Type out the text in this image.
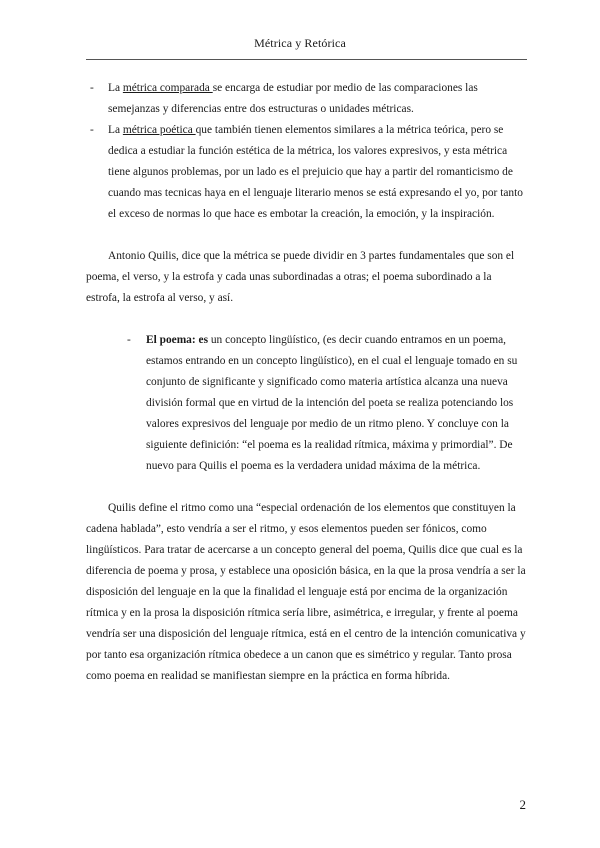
Métrica y Retórica

- La métrica comparada se encarga de estudiar por medio de las comparaciones las semejanzas y diferencias entre dos estructuras o unidades métricas.

- La métrica poética que también tienen elementos similares a la métrica teórica, pero se dedica a estudiar la función estética de la métrica, los valores expresivos, y esta métrica tiene algunos problemas, por un lado es el prejuicio que hay a partir del romanticismo de cuando mas tecnicas haya en el lenguaje literario menos se está expresando el yo, por tanto el exceso de normas lo que hace es embotar la creación, la emoción, y la inspiración.

Antonio Quilis, dice que la métrica se puede dividir en 3 partes fundamentales que son el poema, el verso, y la estrofa y cada unas subordinadas a otras; el poema subordinado a la estrofa, la estrofa al verso, y así.

- El poema: es un concepto lingüístico, (es decir cuando entramos en un poema, estamos entrando en un concepto lingüístico), en el cual el lenguaje tomado en su conjunto de significante y significado como materia artística alcanza una nueva división formal que en virtud de la intención del poeta se realiza potenciando los valores expresivos del lenguaje por medio de un ritmo pleno. Y concluye con la siguiente definición: “el poema es la realidad rítmica, máxima y primordial”. De nuevo para Quilis el poema es la verdadera unidad máxima de la métrica.

Quilis define el ritmo como una “especial ordenación de los elementos que constituyen la cadena hablada”, esto vendría a ser el ritmo, y esos elementos pueden ser fónicos, como lingüísticos. Para tratar de acercarse a un concepto general del poema, Quilis dice que cual es la diferencia de poema y prosa, y establece una oposición básica, en la que la prosa vendría a ser la disposición del lenguaje en la que la finalidad el lenguaje está por encima de la organización rítmica y en la prosa la disposición rítmica sería libre, asimétrica, e irregular, y frente al poema vendría ser una disposición del lenguaje rítmica, está en el centro de la intención comunicativa y por tanto esa organización rítmica obedece a un canon que es simétrico y regular. Tanto prosa como poema en realidad se manifiestan siempre en la práctica en forma híbrida.

2
